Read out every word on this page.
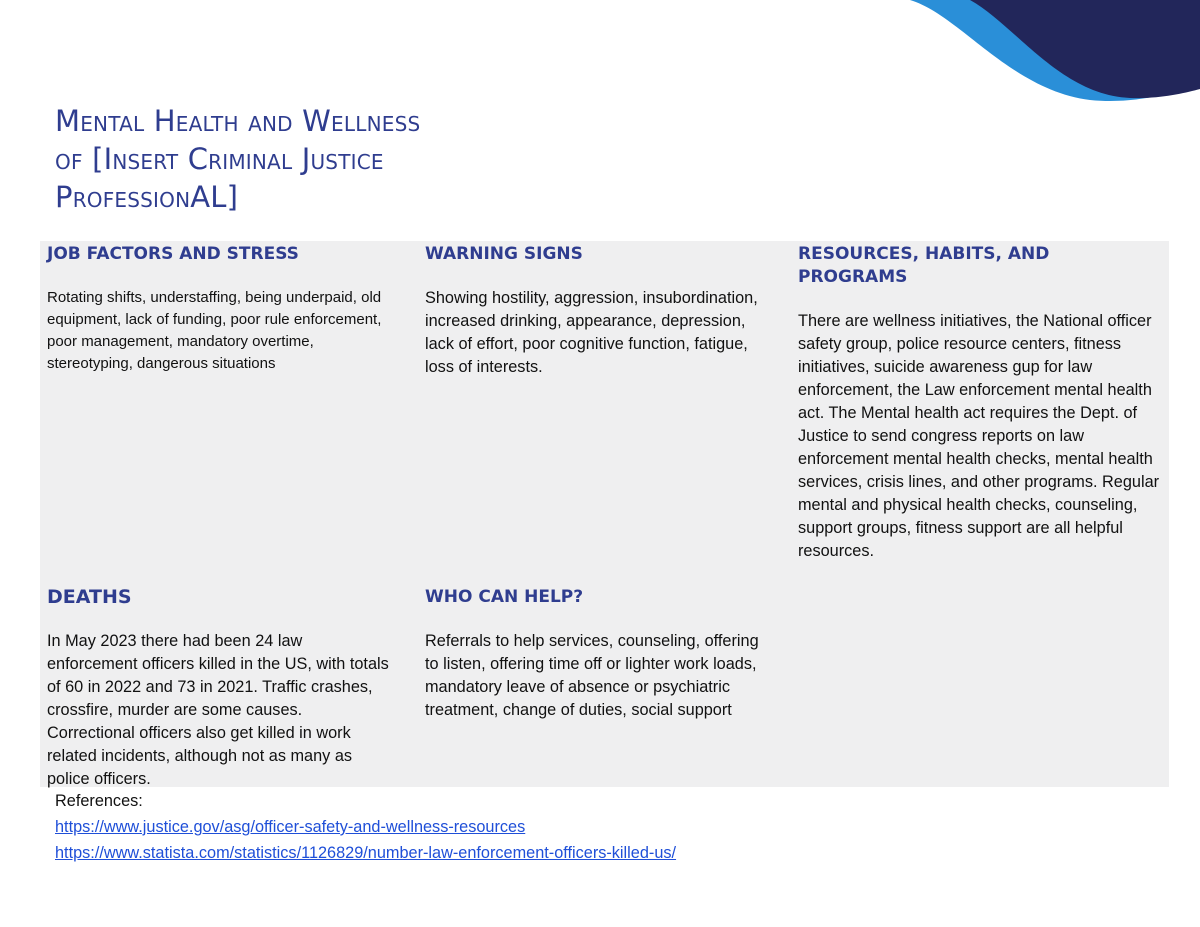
Mental Health and Wellness
of [Insert Criminal Justice
ProfessionAL]
JOB FACTORS AND STRESS

Rotating shifts, understaffing, being underpaid, old equipment, lack of funding, poor rule enforcement, poor management, mandatory overtime, stereotyping, dangerous situations

WARNING SIGNS

Showing hostility, aggression, insubordination, increased drinking, appearance, depression, lack of effort, poor cognitive function, fatigue, loss of interests.

RESOURCES, HABITS, AND PROGRAMS

There are wellness initiatives, the National officer safety group, police resource centers, fitness initiatives, suicide awareness gup for law enforcement, the Law enforcement mental health act. The Mental health act requires the Dept. of Justice to send congress reports on law enforcement mental health checks, mental health services, crisis lines, and other programs. Regular mental and physical health checks, counseling, support groups, fitness support are all helpful resources.

DEATHS

In May 2023 there had been 24 law enforcement officers killed in the US, with totals of 60 in 2022 and 73 in 2021. Traffic crashes, crossfire, murder are some causes. Correctional officers also get killed in work related incidents, although not as many as police officers.

WHO CAN HELP?

Referrals to help services, counseling, offering to listen, offering time off or lighter work loads, mandatory leave of absence or psychiatric treatment, change of duties, social support

References:
https://www.justice.gov/asg/officer-safety-and-wellness-resources
https://www.statista.com/statistics/1126829/number-law-enforcement-officers-killed-us/
